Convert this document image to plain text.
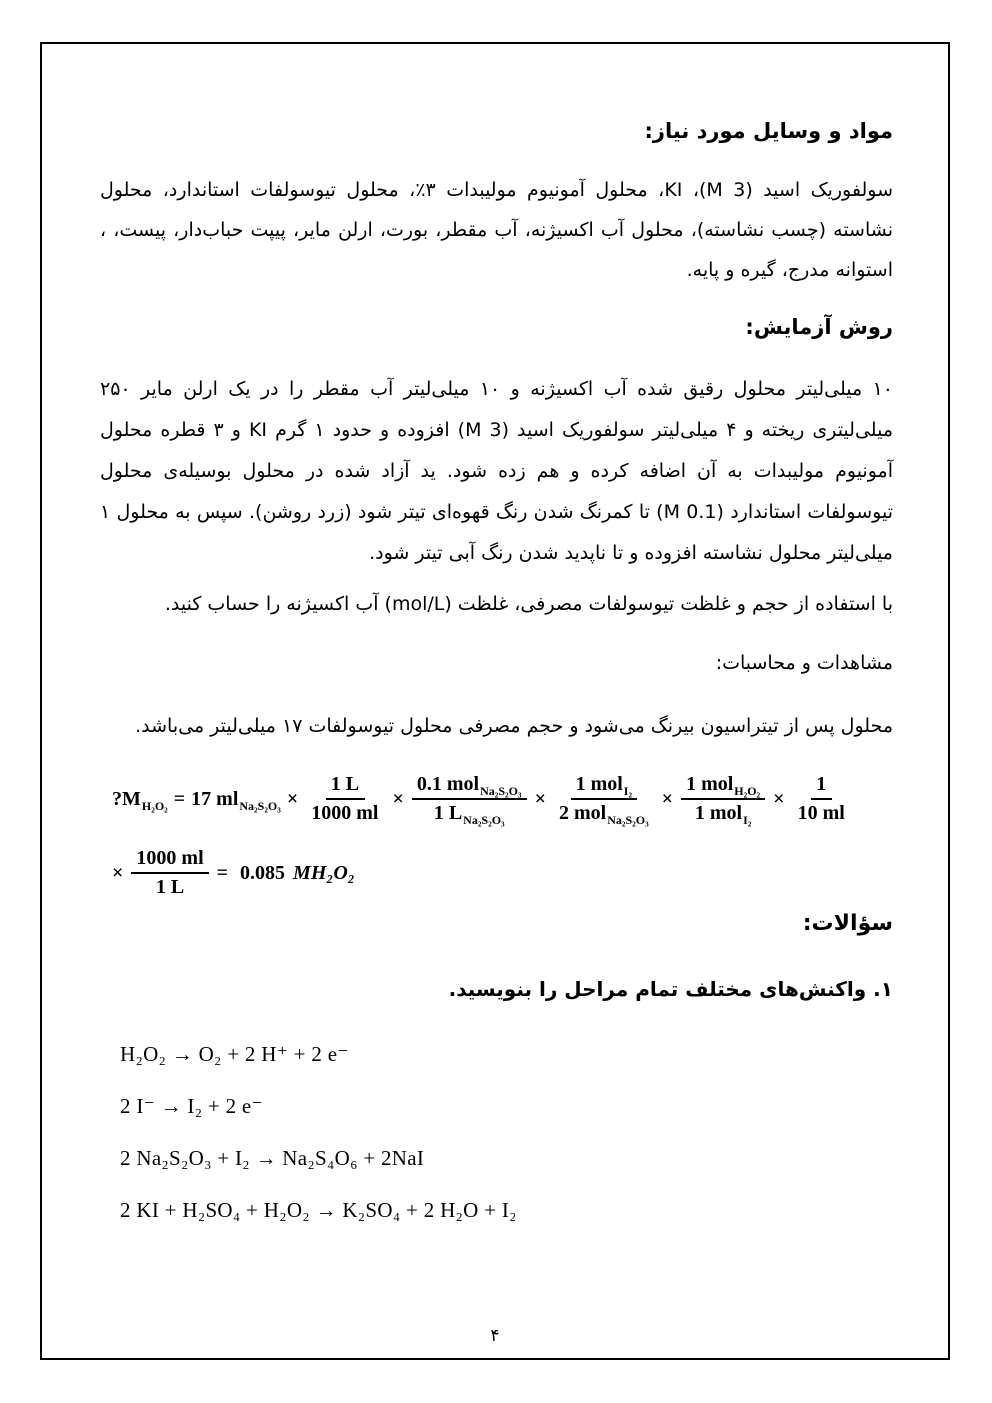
مواد و وسایل مورد نیاز:

سولفوریک اسید (3 M)، KI، محلول آمونیوم مولیبدات ۳٪، محلول تیوسولفات استاندارد، محلول نشاسته (چسب نشاسته)، محلول آب اکسیژنه، آب مقطر، بورت، ارلن مایر، پیپت حباب‌دار، پیست، ، استوانه مدرج، گیره و پایه.

روش آزمایش:

۱۰ میلی‌لیتر محلول رقیق شده آب اکسیژنه و ۱۰ میلی‌لیتر آب مقطر را در یک ارلن مایر ۲۵۰ میلی‌لیتری ریخته و ۴ میلی‌لیتر سولفوریک اسید (3 M) افزوده و حدود ۱ گرم KI و ۳ قطره محلول آمونیوم مولیبدات به آن اضافه کرده و هم زده شود. ید آزاد شده در محلول بوسیله‌ی محلول تیوسولفات استاندارد (0.1 M) تا کمرنگ شدن رنگ قهوه‌ای تیتر شود (زرد روشن). سپس به محلول ۱ میلی‌لیتر محلول نشاسته افزوده و تا ناپدید شدن رنگ آبی تیتر شود.

با استفاده از حجم و غلظت تیوسولفات مصرفی، غلظت (mol/L) آب اکسیژنه را حساب کنید.

مشاهدات و محاسبات:

محلول پس از تیتراسیون بیرنگ می‌شود و حجم مصرفی محلول تیوسولفات ۱۷ میلی‌لیتر می‌باشد.

$?M_{H_2O_2} = 17$ $ml_{Na_2S_2O_3} \times \frac{1 L}{1000 ml} \times \frac{0.1 mol_{Na_2S_2O_3}}{1 L_{Na_2S_2O_3}} \times \frac{1 mol_{I_2}}{2 mol_{Na_2S_2O_3}} \times \frac{1 mol_{H_2O_2}}{1 mol_{I_2}} \times \frac{1}{10 ml}$
× $\frac{1000 ml}{1 L} = 0.085$ MH₂O₂
سؤالات:
۱. واکنش‌های مختلف تمام مراحل را بنویسید.
H₂O₂ → O₂ + 2 H⁺ + 2 e⁻
2 I⁻ → I₂ + 2 e⁻
2 Na₂S₂O₃ + I₂ → Na₂S₄O₆ + 2NaI
2 KI + H₂SO₄ + H₂O₂ → K₂SO₄ + 2 H₂O + I₂
۴
